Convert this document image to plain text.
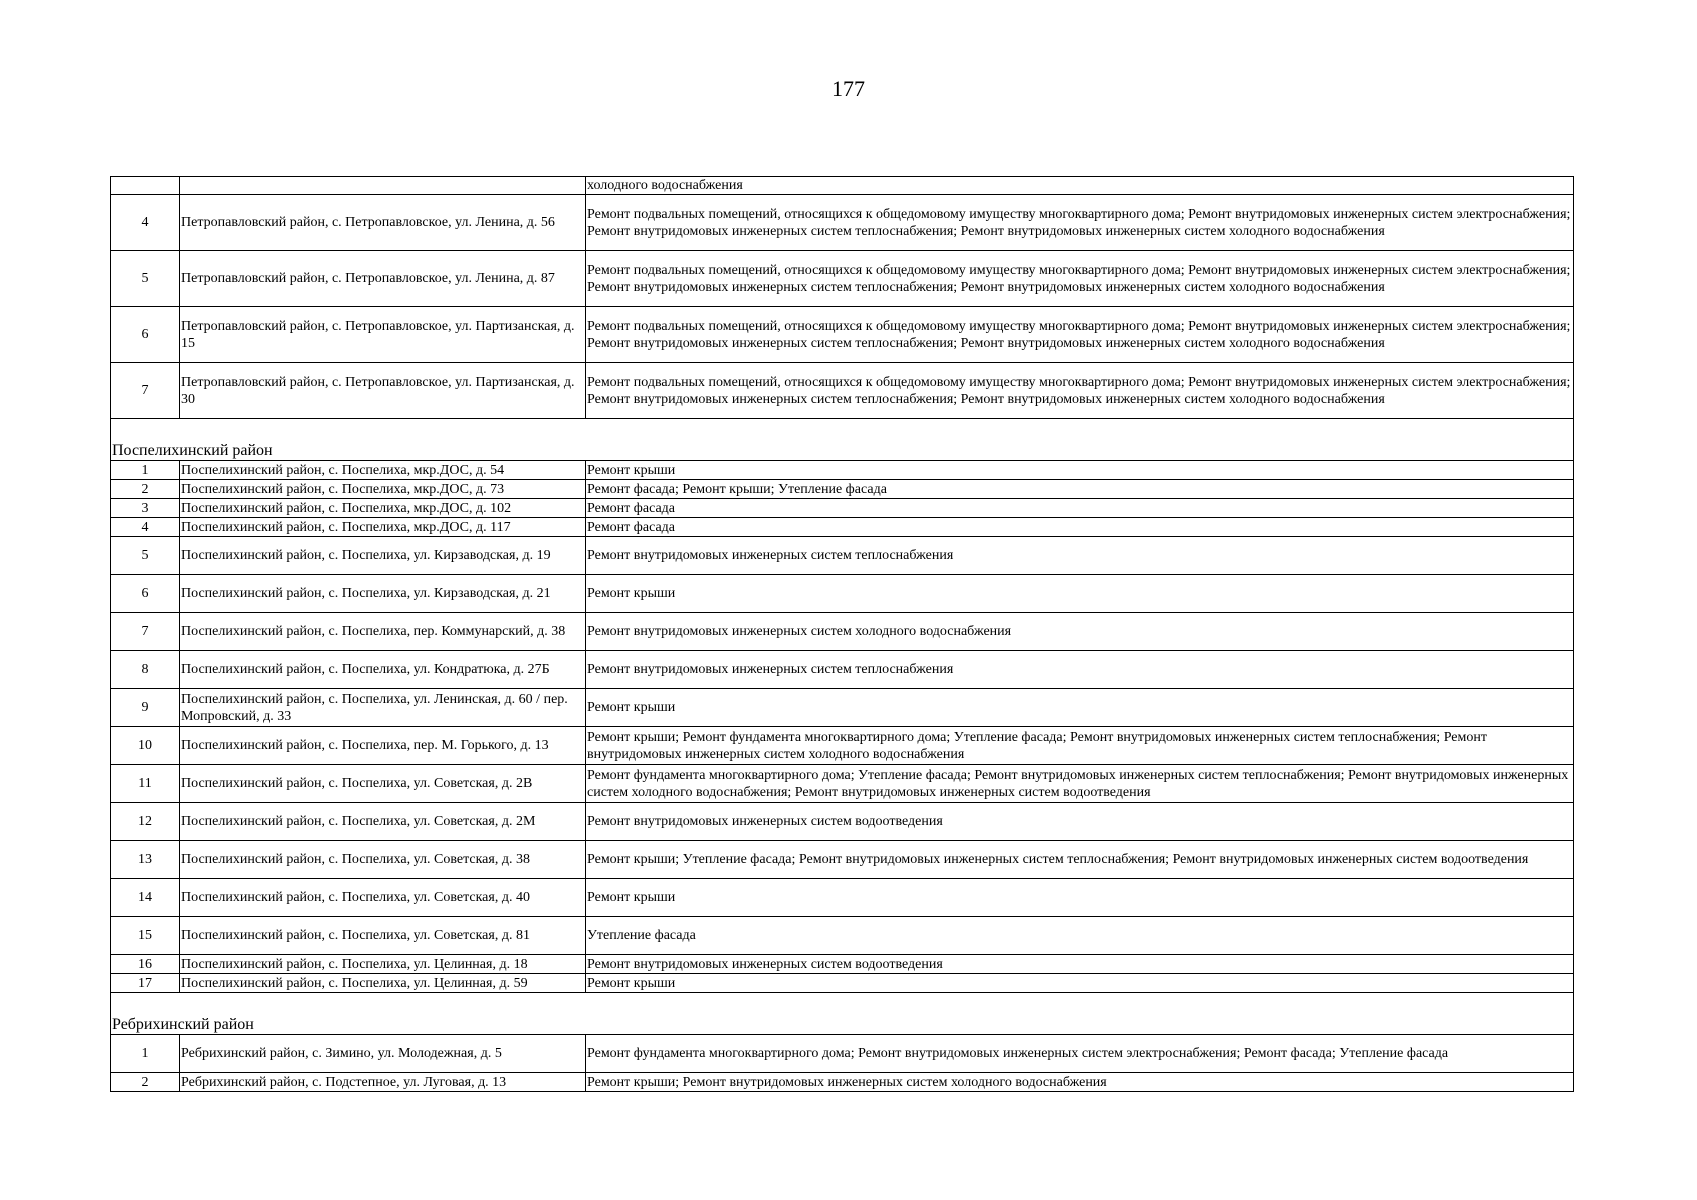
177
		холодного водоснабжения
4	Петропавловский район, с. Петропавловское, ул. Ленина, д. 56	Ремонт подвальных помещений, относящихся к общедомовому имуществу многоквартирного дома; Ремонт внутридомовых инженерных систем электроснабжения; Ремонт внутридомовых инженерных систем теплоснабжения; Ремонт внутридомовых инженерных систем холодного водоснабжения
5	Петропавловский район, с. Петропавловское, ул. Ленина, д. 87	Ремонт подвальных помещений, относящихся к общедомовому имуществу многоквартирного дома; Ремонт внутридомовых инженерных систем электроснабжения; Ремонт внутридомовых инженерных систем теплоснабжения; Ремонт внутридомовых инженерных систем холодного водоснабжения
6	Петропавловский район, с. Петропавловское, ул. Партизанская, д. 15	Ремонт подвальных помещений, относящихся к общедомовому имуществу многоквартирного дома; Ремонт внутридомовых инженерных систем электроснабжения; Ремонт внутридомовых инженерных систем теплоснабжения; Ремонт внутридомовых инженерных систем холодного водоснабжения
7	Петропавловский район, с. Петропавловское, ул. Партизанская, д. 30	Ремонт подвальных помещений, относящихся к общедомовому имуществу многоквартирного дома; Ремонт внутридомовых инженерных систем электроснабжения; Ремонт внутридомовых инженерных систем теплоснабжения; Ремонт внутридомовых инженерных систем холодного водоснабжения
Поспелихинский район		
1	Поспелихинский район, с. Поспелиха, мкр.ДОС, д. 54	Ремонт крыши
2	Поспелихинский район, с. Поспелиха, мкр.ДОС, д. 73	Ремонт фасада; Ремонт крыши; Утепление фасада
3	Поспелихинский район, с. Поспелиха, мкр.ДОС, д. 102	Ремонт фасада
4	Поспелихинский район, с. Поспелиха, мкр.ДОС, д. 117	Ремонт фасада
5	Поспелихинский район, с. Поспелиха, ул. Кирзаводская, д. 19	Ремонт внутридомовых инженерных систем теплоснабжения
6	Поспелихинский район, с. Поспелиха, ул. Кирзаводская, д. 21	Ремонт крыши
7	Поспелихинский район, с. Поспелиха, пер. Коммунарский, д. 38	Ремонт внутридомовых инженерных систем холодного водоснабжения
8	Поспелихинский район, с. Поспелиха, ул. Кондратюка, д. 27Б	Ремонт внутридомовых инженерных систем теплоснабжения
9	Поспелихинский район, с. Поспелиха, ул. Ленинская, д. 60 / пер. Мопровский, д. 33	Ремонт крыши
10	Поспелихинский район, с. Поспелиха, пер. М. Горького, д. 13	Ремонт крыши; Ремонт фундамента многоквартирного дома; Утепление фасада; Ремонт внутридомовых инженерных систем теплоснабжения; Ремонт внутридомовых инженерных систем холодного водоснабжения
11	Поспелихинский район, с. Поспелиха, ул. Советская, д. 2В	Ремонт фундамента многоквартирного дома; Утепление фасада; Ремонт внутридомовых инженерных систем теплоснабжения; Ремонт внутридомовых инженерных систем холодного водоснабжения; Ремонт внутридомовых инженерных систем водоотведения
12	Поспелихинский район, с. Поспелиха, ул. Советская, д. 2М	Ремонт внутридомовых инженерных систем водоотведения
13	Поспелихинский район, с. Поспелиха, ул. Советская, д. 38	Ремонт крыши; Утепление фасада; Ремонт внутридомовых инженерных систем теплоснабжения; Ремонт внутридомовых инженерных систем водоотведения
14	Поспелихинский район, с. Поспелиха, ул. Советская, д. 40	Ремонт крыши
15	Поспелихинский район, с. Поспелиха, ул. Советская, д. 81	Утепление фасада
16	Поспелихинский район, с. Поспелиха, ул. Целинная, д. 18	Ремонт внутридомовых инженерных систем водоотведения
17	Поспелихинский район, с. Поспелиха, ул. Целинная, д. 59	Ремонт крыши
Ребрихинский район		
1	Ребрихинский район, с. Зимино, ул. Молодежная, д. 5	Ремонт фундамента многоквартирного дома; Ремонт внутридомовых инженерных систем электроснабжения; Ремонт фасада; Утепление фасада
2	Ребрихинский район, с. Подстепное, ул. Луговая, д. 13	Ремонт крыши; Ремонт внутридомовых инженерных систем холодного водоснабжения
